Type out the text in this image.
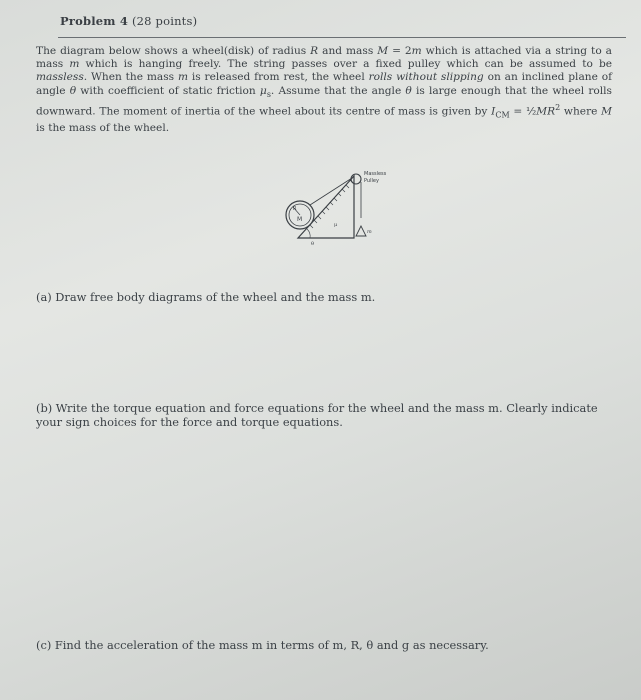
Problem 4 (28 points)
The diagram below shows a wheel(disk) of radius R and mass M = 2m which is attached via a string to a mass m which is hanging freely. The string passes over a fixed pulley which can be assumed to be massless. When the mass m is released from rest, the wheel rolls without slipping on an inclined plane of angle θ with coefficient of static friction $\mu_s$. Assume that the angle θ is large enough that the wheel rolls downward. The moment of inertia of the wheel about its centre of mass is given by $I_{CM}$ = $\frac{1}{2}MR^2$ where M is the mass of the wheel.
R
M
Massless
Pulley
m
μ
θ
(a) Draw free body diagrams of the wheel and the mass m.
(b) Write the torque equation and force equations for the wheel and the mass m. Clearly indicate your sign choices for the force and torque equations.
(c) Find the acceleration of the mass m in terms of m, R, θ and g as necessary.
